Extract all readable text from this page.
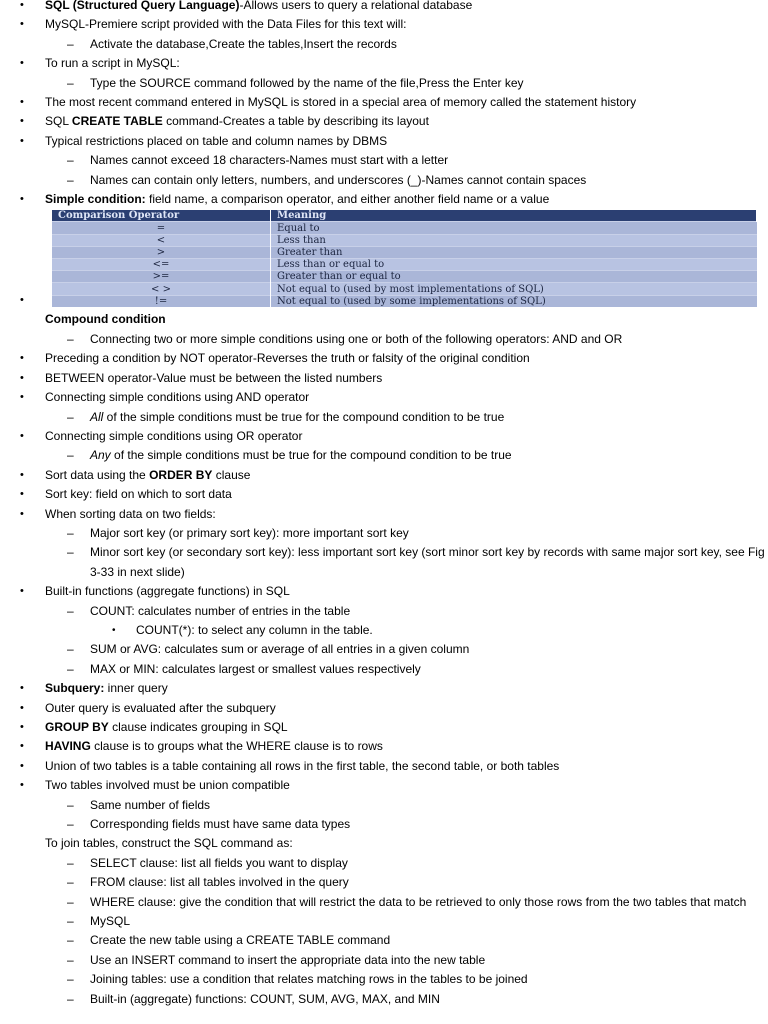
• SQL (Structured Query Language)-Allows users to query a relational database
• MySQL-Premiere script provided with the Data Files for this text will:
– Activate the database,Create the tables,Insert the records
• To run a script in MySQL:
– Type the SOURCE command followed by the name of the file,Press the Enter key
• The most recent command entered in MySQL is stored in a special area of memory called the statement history
• SQL CREATE TABLE command-Creates a table by describing its layout
• Typical restrictions placed on table and column names by DBMS
– Names cannot exceed 18 characters-Names must start with a letter
– Names can contain only letters, numbers, and underscores (_)-Names cannot contain spaces
• Simple condition: field name, a comparison operator, and either another field name or a value
•
Comparison Operator	Meaning
=	Equal to
<	Less than
>	Greater than
<=	Less than or equal to
>=	Greater than or equal to
< >	Not equal to (used by most implementations of SQL)
!=	Not equal to (used by some implementations of SQL)
Compound condition
– Connecting two or more simple conditions using one or both of the following operators: AND and OR
• Preceding a condition by NOT operator-Reverses the truth or falsity of the original condition
• BETWEEN operator-Value must be between the listed numbers
• Connecting simple conditions using AND operator
– All of the simple conditions must be true for the compound condition to be true
• Connecting simple conditions using OR operator
– Any of the simple conditions must be true for the compound condition to be true
• Sort data using the ORDER BY clause
• Sort key: field on which to sort data
• When sorting data on two fields:
– Major sort key (or primary sort key): more important sort key
– Minor sort key (or secondary sort key): less important sort key (sort minor sort key by records with same major sort key, see Fig 3-33 in next slide)
• Built-in functions (aggregate functions) in SQL
– COUNT: calculates number of entries in the table
• COUNT(*): to select any column in the table.
– SUM or AVG: calculates sum or average of all entries in a given column
– MAX or MIN: calculates largest or smallest values respectively
• Subquery: inner query
• Outer query is evaluated after the subquery
• GROUP BY clause indicates grouping in SQL
• HAVING clause is to groups what the WHERE clause is to rows
• Union of two tables is a table containing all rows in the first table, the second table, or both tables
• Two tables involved must be union compatible
– Same number of fields
– Corresponding fields must have same data types
To join tables, construct the SQL command as:
– SELECT clause: list all fields you want to display
– FROM clause: list all tables involved in the query
– WHERE clause: give the condition that will restrict the data to be retrieved to only those rows from the two tables that match
– MySQL
– Create the new table using a CREATE TABLE command
– Use an INSERT command to insert the appropriate data into the new table
– Joining tables: use a condition that relates matching rows in the tables to be joined
– Built-in (aggregate) functions: COUNT, SUM, AVG, MAX, and MIN
